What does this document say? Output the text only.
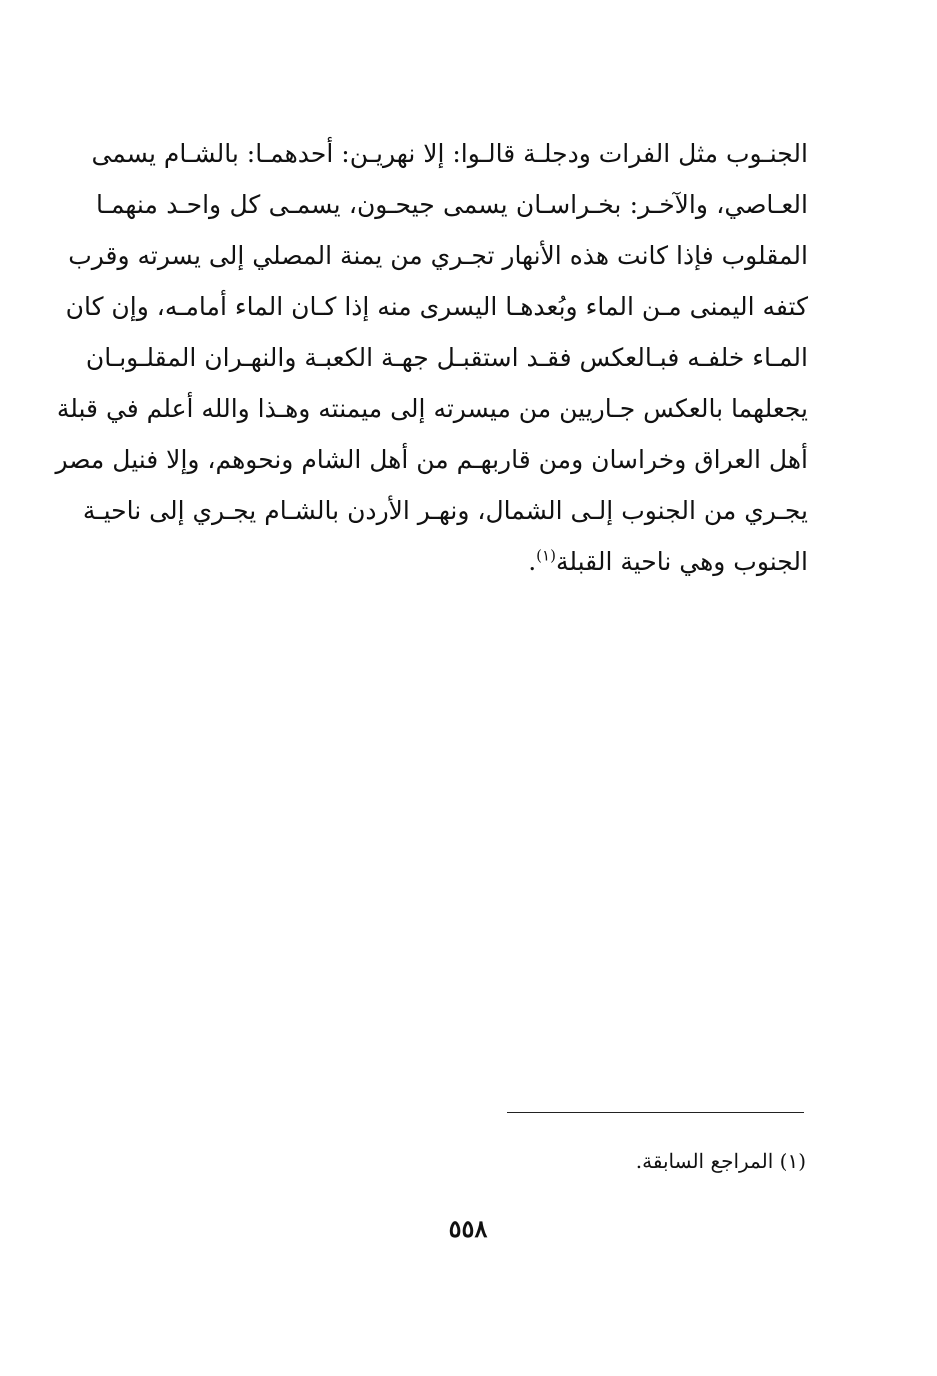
الجنـوب مثل الفرات ودجلـة قالـوا: إلا نهريـن: أحدهمـا: بالشـام يسمى
العـاصي، والآخـر: بخـراسـان يسمى جيحـون، يسمـى كل واحـد منهمـا
المقلوب فإذا كانت هذه الأنهار تجـري من يمنة المصلي إلى يسرته وقرب
كتفه اليمنى مـن الماء وبُعدهـا اليسرى منه إذا كـان الماء أمامـه، وإن كان
المـاء خلفـه فبـالعكس فقـد استقبـل جهـة الكعبـة والنهـران المقلـوبـان
يجعلهما بالعكس جـاريين من ميسرته إلى ميمنته وهـذا والله أعلم في قبلة
أهل العراق وخراسان ومن قاربهـم من أهل الشام ونحوهم، وإلا فنيل مصر
يجـري من الجنوب إلـى الشمال، ونهـر الأردن بالشـام يجـري إلى ناحيـة
الجنوب وهي ناحية القبلة$^{(١)}$.
(١) المراجع السابقة.
٥٥٨
